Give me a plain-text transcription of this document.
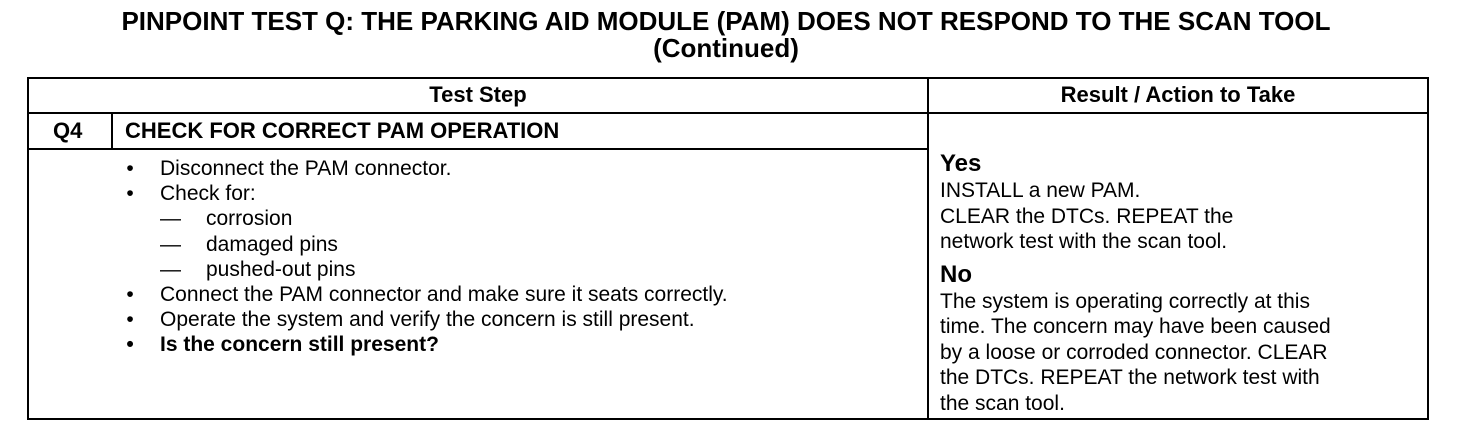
PINPOINT TEST Q: THE PARKING AID MODULE (PAM) DOES NOT RESPOND TO THE SCAN TOOL
(Continued)
Test Step	Result / Action to Take
Q4 CHECK FOR CORRECT PAM OPERATION
• Disconnect the PAM connector.
• Check for:
— corrosion
— damaged pins
— pushed-out pins
• Connect the PAM connector and make sure it seats correctly.
• Operate the system and verify the concern is still present.
• Is the concern still present?
Yes
INSTALL a new PAM.
CLEAR the DTCs. REPEAT the
network test with the scan tool.
No
The system is operating correctly at this
time. The concern may have been caused
by a loose or corroded connector. CLEAR
the DTCs. REPEAT the network test with
the scan tool.
